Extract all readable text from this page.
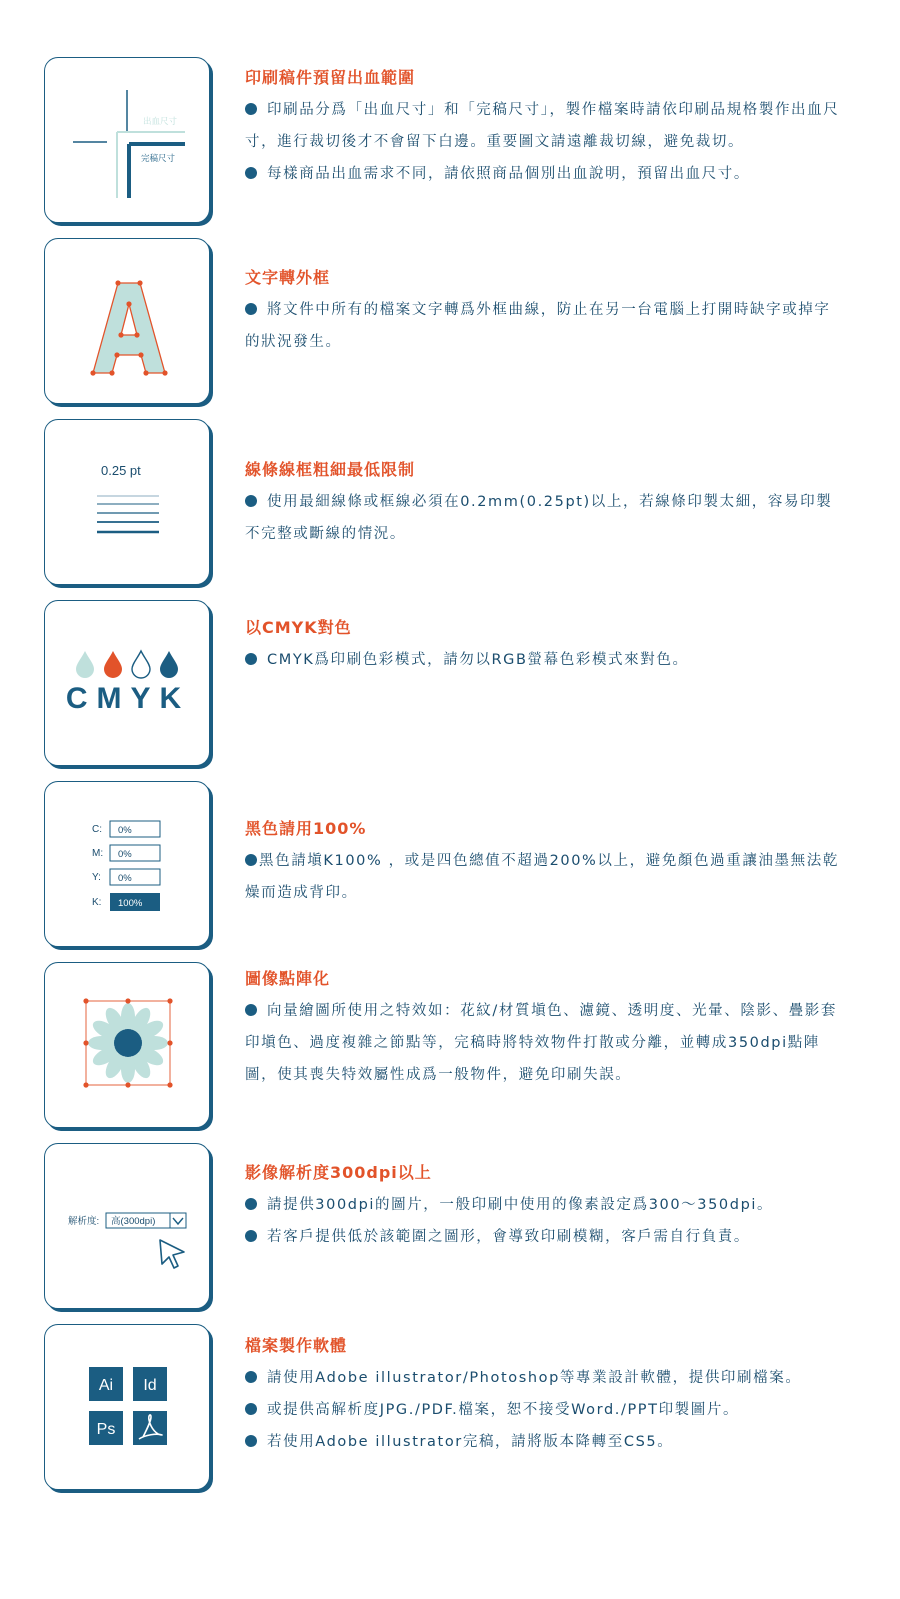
出血尺寸
完稿尺寸
印刷稿件預留出血範圍

印刷品分爲「出血尺寸」和「完稿尺寸」，製作檔案時請依印刷品規格製作出血尺寸，進行裁切後才不會留下白邊。重要圖文請遠離裁切線，避免裁切。

每樣商品出血需求不同，請依照商品個別出血說明，預留出血尺寸。

文字轉外框

將文件中所有的檔案文字轉爲外框曲線，防止在另一台電腦上打開時缺字或掉字的狀況發生。

0.25 pt	線條線框粗細最低限制

使用最細線條或框線必須在0.2mm(0.25pt)以上，若線條印製太細，容易印製不完整或斷線的情況。

CMYK
以CMYK對色

CMYK爲印刷色彩模式，請勿以RGB螢幕色彩模式來對色。

C:
M:
Y:
K:
0%
0%
0%
100%
黑色請用100%

黑色請塡K100% ，或是四色總值不超過200%以上，避免顏色過重讓油墨無法乾燥而造成背印。

圖像點陣化

向量繪圖所使用之特效如：花紋/材質塡色、濾鏡、透明度、光暈、陰影、疊影套印塡色、過度複雜之節點等，完稿時將特效物件打散或分離，並轉成350dpi點陣圖，使其喪失特效屬性成爲一般物件，避免印刷失誤。

解析度: 高(300dpi)
影像解析度300dpi以上

請提供300dpi的圖片，一般印刷中使用的像素設定爲300～350dpi。

若客戶提供低於該範圍之圖形，會導致印刷模糊，客戶需自行負責。

Ai Id
Ps
檔案製作軟體

請使用Adobe illustrator/Photoshop等專業設計軟體，提供印刷檔案。

或提供高解析度JPG./PDF.檔案，恕不接受Word./PPT印製圖片。

若使用Adobe illustrator完稿，請將版本降轉至CS5。
